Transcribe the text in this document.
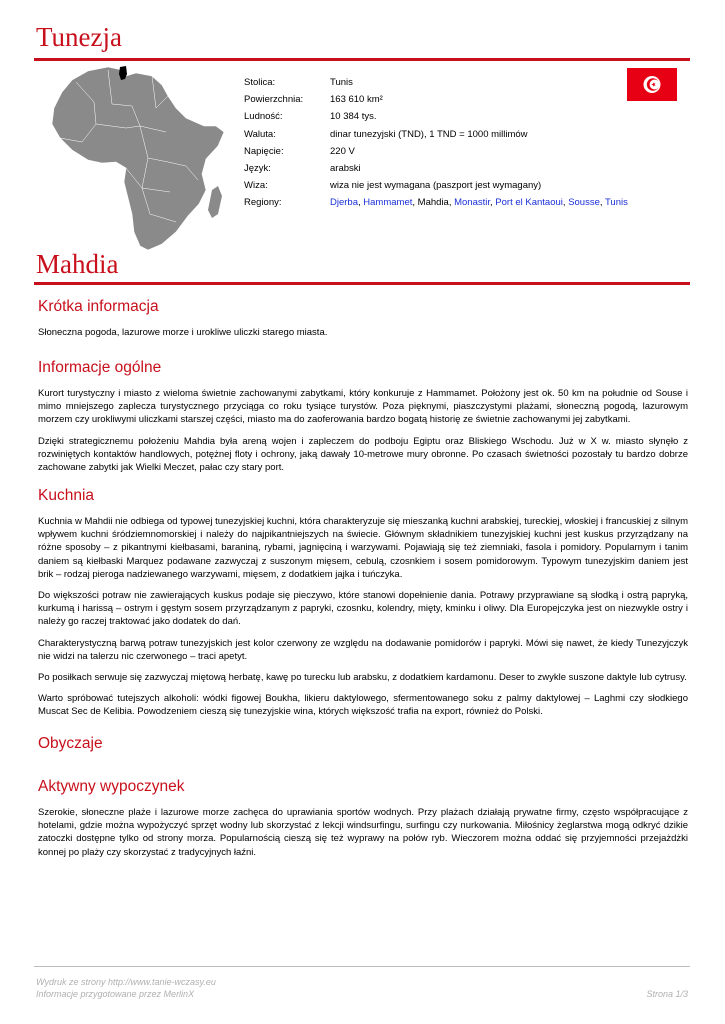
Tunezja
Stolica:	Tunis
Powierzchnia:	163 610 km²
Ludność:	10 384 tys.
Waluta:	dinar tunezyjski (TND), 1 TND = 1000 millimów
Napięcie:	220 V
Język:	arabski
Wiza:	wiza nie jest wymagana (paszport jest wymagany)
Regiony:	Djerba, Hammamet, Mahdia, Monastir, Port el Kantaoui, Sousse, Tunis
Mahdia
Krótka informacja

Słoneczna pogoda, lazurowe morze i urokliwe uliczki starego miasta.

Informacje ogólne

Kurort turystyczny i miasto z wieloma świetnie zachowanymi zabytkami, który konkuruje z Hammamet. Położony jest ok. 50 km na południe od Souse i mimo mniejszego zaplecza turystycznego przyciąga co roku tysiące turystów. Poza pięknymi, piaszczystymi plażami, słoneczną pogodą, lazurowym morzem czy urokliwymi uliczkami starszej części, miasto ma do zaoferowania bardzo bogatą historię ze świetnie zachowanymi jej zabytkami.

Dzięki strategicznemu położeniu Mahdia była areną wojen i zapleczem do podboju Egiptu oraz Bliskiego Wschodu. Już w X w. miasto słynęło z rozwiniętych kontaktów handlowych, potężnej floty i ochrony, jaką dawały 10-metrowe mury obronne. Po czasach świetności pozostały tu bardzo dobrze zachowane zabytki jak Wielki Meczet, pałac czy stary port.

Kuchnia

Kuchnia w Mahdii nie odbiega od typowej tunezyjskiej kuchni, która charakteryzuje się mieszanką kuchni arabskiej, tureckiej, włoskiej i francuskiej z silnym wpływem kuchni śródziemnomorskiej i należy do najpikantniejszych na świecie. Głównym składnikiem tunezyjskiej kuchni jest kuskus przyrządzany na różne sposoby – z pikantnymi kiełbasami, baraniną, rybami, jagnięciną i warzywami. Pojawiają się też ziemniaki, fasola i pomidory. Popularnym i tanim daniem są kiełbaski Marquez podawane zazwyczaj z suszonym mięsem, cebulą, czosnkiem i sosem pomidorowym. Typowym tunezyjskim daniem jest brik – rodzaj pieroga nadziewanego warzywami, mięsem, z dodatkiem jajka i tuńczyka.

Do większości potraw nie zawierających kuskus podaje się pieczywo, które stanowi dopełnienie dania. Potrawy przyprawiane są słodką i ostrą papryką, kurkumą i harissą – ostrym i gęstym sosem przyrządzanym z papryki, czosnku, kolendry, mięty, kminku i oliwy. Dla Europejczyka jest on niezwykle ostry i należy go raczej traktować jako dodatek do dań.

Charakterystyczną barwą potraw tunezyjskich jest kolor czerwony ze względu na dodawanie pomidorów i papryki. Mówi się nawet, że kiedy Tunezyjczyk nie widzi na talerzu nic czerwonego – traci apetyt.

Po posiłkach serwuje się zazwyczaj miętową herbatę, kawę po turecku lub arabsku, z dodatkiem kardamonu. Deser to zwykle suszone daktyle lub cytrusy.

Warto spróbować tutejszych alkoholi: wódki figowej Boukha, likieru daktylowego, sfermentowanego soku z palmy daktylowej – Laghmi czy słodkiego Muscat Sec de Kelibia. Powodzeniem cieszą się tunezyjskie wina, których większość trafia na export, również do Polski.

Obyczaje
Aktywny wypoczynek

Szerokie, słoneczne plaże i lazurowe morze zachęca do uprawiania sportów wodnych. Przy plażach działają prywatne firmy, często współpracujące z hotelami, gdzie można wypożyczyć sprzęt wodny lub skorzystać z lekcji windsurfingu, surfingu czy nurkowania. Miłośnicy żeglarstwa mogą odkryć dzikie zatoczki dostępne tylko od strony morza. Popularnością cieszą się też wyprawy na połów ryb. Wieczorem można oddać się przyjemności przejażdżki konnej po plaży czy skorzystać z tradycyjnych łaźni.

Wydruk ze strony http://www.tanie-wczasy.eu
Informacje przygotowane przez MerlinX	Strona 1/3
